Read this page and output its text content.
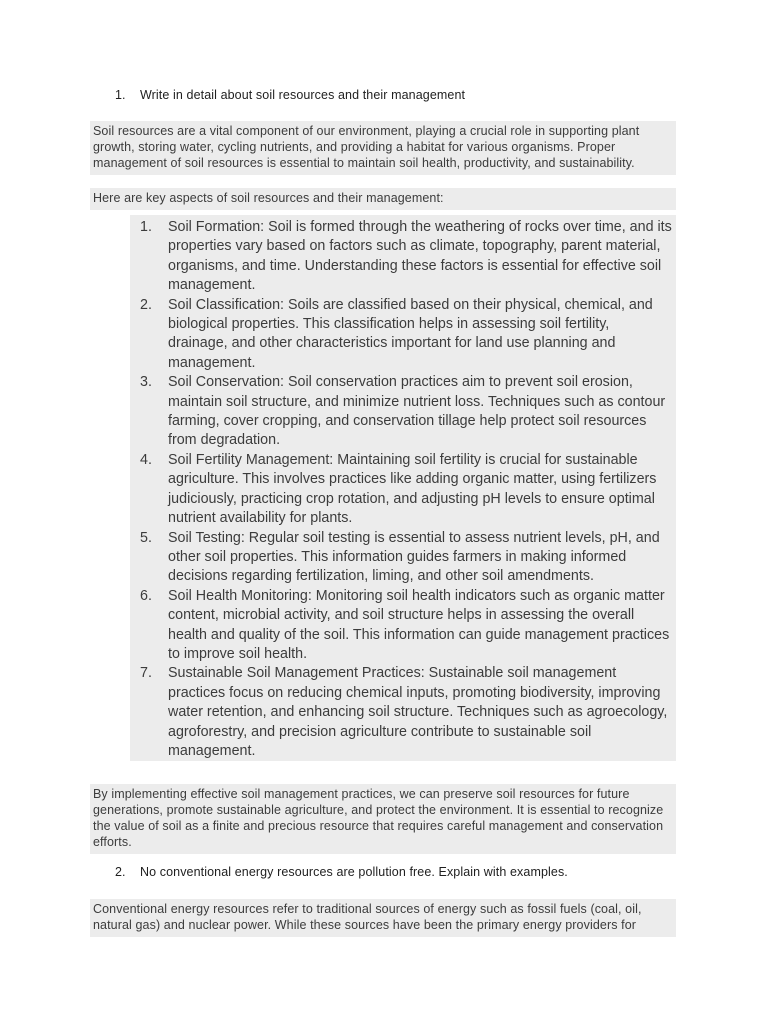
1.	Write in detail about soil resources and their management
Soil resources are a vital component of our environment, playing a crucial role in supporting plant growth, storing water, cycling nutrients, and providing a habitat for various organisms. Proper management of soil resources is essential to maintain soil health, productivity, and sustainability.
Here are key aspects of soil resources and their management:
1.	Soil Formation: Soil is formed through the weathering of rocks over time, and its properties vary based on factors such as climate, topography, parent material, organisms, and time. Understanding these factors is essential for effective soil management.
2.	Soil Classification: Soils are classified based on their physical, chemical, and biological properties. This classification helps in assessing soil fertility, drainage, and other characteristics important for land use planning and management.
3.	Soil Conservation: Soil conservation practices aim to prevent soil erosion, maintain soil structure, and minimize nutrient loss. Techniques such as contour farming, cover cropping, and conservation tillage help protect soil resources from degradation.
4.	Soil Fertility Management: Maintaining soil fertility is crucial for sustainable agriculture. This involves practices like adding organic matter, using fertilizers judiciously, practicing crop rotation, and adjusting pH levels to ensure optimal nutrient availability for plants.
5.	Soil Testing: Regular soil testing is essential to assess nutrient levels, pH, and other soil properties. This information guides farmers in making informed decisions regarding fertilization, liming, and other soil amendments.
6.	Soil Health Monitoring: Monitoring soil health indicators such as organic matter content, microbial activity, and soil structure helps in assessing the overall health and quality of the soil. This information can guide management practices to improve soil health.
7.	Sustainable Soil Management Practices: Sustainable soil management practices focus on reducing chemical inputs, promoting biodiversity, improving water retention, and enhancing soil structure. Techniques such as agroecology, agroforestry, and precision agriculture contribute to sustainable soil management.
By implementing effective soil management practices, we can preserve soil resources for future generations, promote sustainable agriculture, and protect the environment. It is essential to recognize the value of soil as a finite and precious resource that requires careful management and conservation efforts.
2.	No conventional energy resources are pollution free. Explain with examples.
Conventional energy resources refer to traditional sources of energy such as fossil fuels (coal, oil, natural gas) and nuclear power. While these sources have been the primary energy providers for
